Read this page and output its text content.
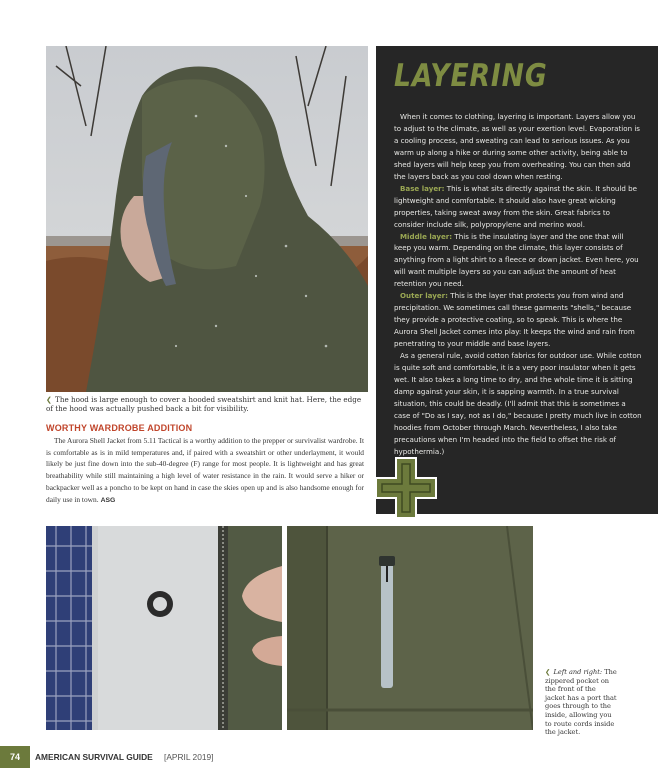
❮ The hood is large enough to cover a hooded sweatshirt and knit hat. Here, the edge of the hood was actually pushed back a bit for visibility.
WORTHY WARDROBE ADDITION
The Aurora Shell Jacket from 5.11 Tactical is a worthy addition to the prepper or survivalist wardrobe. It is comfortable as is in mild temperatures and, if paired with a sweatshirt or other underlayment, it would likely be just fine down into the sub-40-degree (F) range for most people. It is lightweight and has great breathability while still maintaining a high level of water resistance in the rain. It would serve a hiker or backpacker well as a poncho to be kept on hand in case the skies open up and is also handsome enough for daily use in town. ASG
LAYERING

When it comes to clothing, layering is important. Layers allow you to adjust to the climate, as well as your exertion level. Evaporation is a cooling process, and sweating can lead to serious issues. As you warm up along a hike or during some other activity, being able to shed layers will help keep you from overheating. You can then add the layers back as you cool down when resting.

Base layer: This is what sits directly against the skin. It should be lightweight and comfortable. It should also have great wicking properties, taking sweat away from the skin. Great fabrics to consider include silk, polypropylene and merino wool.

Middle layer: This is the insulating layer and the one that will keep you warm. Depending on the climate, this layer consists of anything from a light shirt to a fleece or down jacket. Even here, you will want multiple layers so you can adjust the amount of heat retention you need.

Outer layer: This is the layer that protects you from wind and precipitation. We sometimes call these garments "shells," because they provide a protective coating, so to speak. This is where the Aurora Shell Jacket comes into play: It keeps the wind and rain from penetrating to your middle and base layers.

As a general rule, avoid cotton fabrics for outdoor use. While cotton is quite soft and comfortable, it is a very poor insulator when it gets wet. It also takes a long time to dry, and the whole time it is sitting damp against your skin, it is sapping warmth. In a true survival situation, this could be deadly. (I'll admit that this is sometimes a case of "Do as I say, not as I do," because I pretty much live in cotton hoodies from October through March. Nevertheless, I also take precautions when I'm headed into the field to offset the risk of hypothermia.)

❮ Left and right: The zippered pocket on the front of the jacket has a port that goes through to the inside, allowing you to route cords inside the jacket.
74	AMERICAN SURVIVAL GUIDE [APRIL 2019]
